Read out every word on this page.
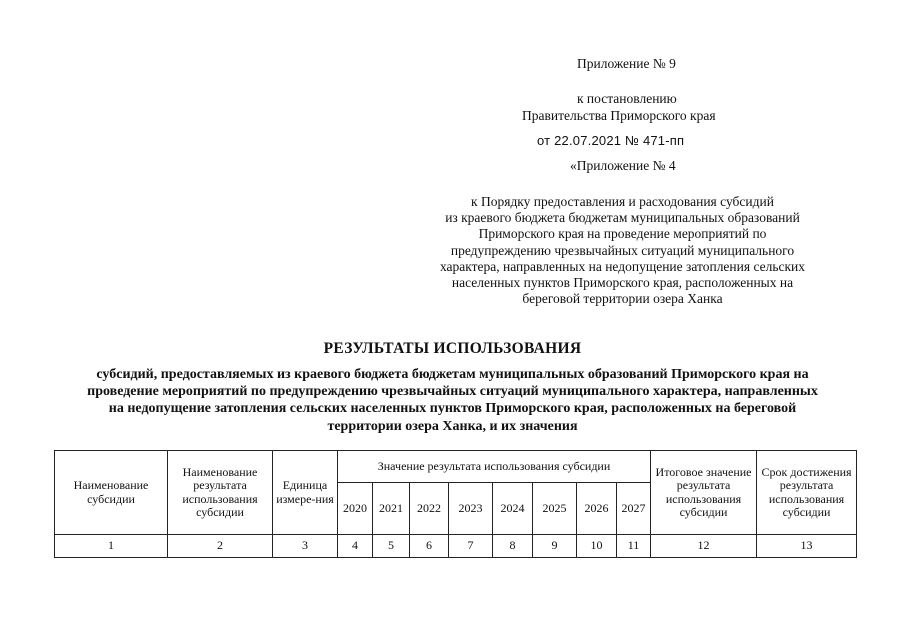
Приложение № 9
к постановлению
Правительства Приморского края
от 22.07.2021 № 471-пп
«Приложение № 4
к Порядку предоставления и расходования субсидий
из краевого бюджета бюджетам муниципальных образований
Приморского края на проведение мероприятий по
предупреждению чрезвычайных ситуаций муниципального
характера, направленных на недопущение затопления сельских
населенных пунктов Приморского края, расположенных на
береговой территории озера Ханка
РЕЗУЛЬТАТЫ ИСПОЛЬЗОВАНИЯ
субсидий, предоставляемых из краевого бюджета бюджетам муниципальных образований Приморского края на
проведение мероприятий по предупреждению чрезвычайных ситуаций муниципального характера, направленных
на недопущение затопления сельских населенных пунктов Приморского края, расположенных на береговой
территории озера Ханка, и их значения
Наименование субсидии	Наименование результата использования субсидии	Единица измере-ния	Значение результата использования субсидии								Итоговое значение результата использования субсидии	Срок достижения результата использования субсидии
			2020	2021	2022	2023	2024	2025	2026	2027		
1	2	3	4	5	6	7	8	9	10	11	12	13
